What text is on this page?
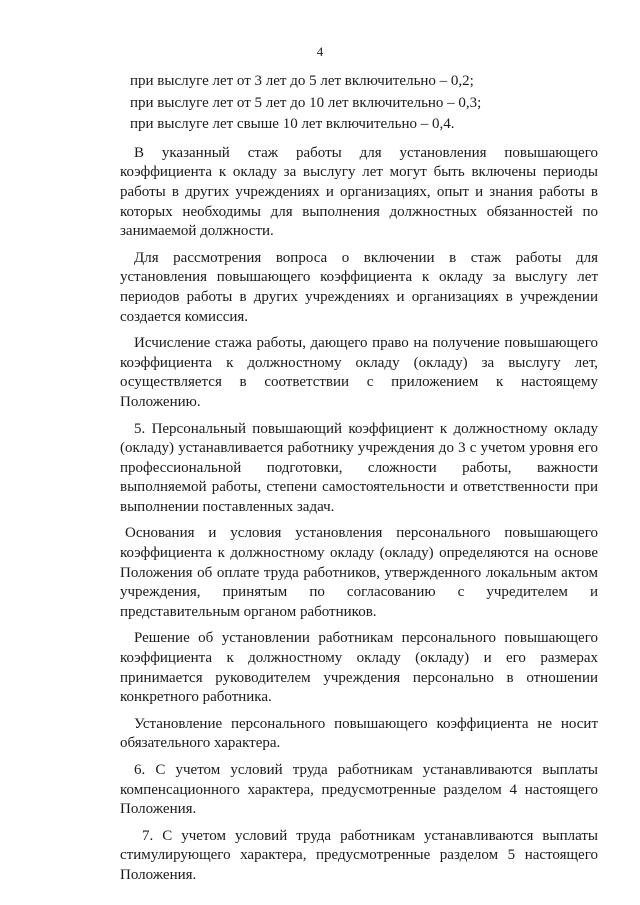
4

при выслуге лет от 3 лет до 5 лет включительно – 0,2;

при выслуге лет от 5 лет до 10 лет включительно – 0,3;

при выслуге лет свыше 10 лет включительно – 0,4.

В указанный стаж работы для установления повышающего коэффициента к окладу за выслугу лет могут быть включены периоды работы в других учреждениях и организациях, опыт и знания работы в которых необходимы для выполнения должностных обязанностей по занимаемой должности.

Для рассмотрения вопроса о включении в стаж работы для установления повышающего коэффициента к окладу за выслугу лет периодов работы в других учреждениях и организациях в учреждении создается комиссия.

Исчисление стажа работы, дающего право на получение повышающего коэффициента к должностному окладу (окладу) за выслугу лет, осуществляется в соответствии с приложением к настоящему Положению.

5. Персональный повышающий коэффициент к должностному окладу (окладу) устанавливается работнику учреждения до 3 с учетом уровня его профессиональной подготовки, сложности работы, важности выполняемой работы, степени самостоятельности и ответственности при выполнении поставленных задач.

Основания и условия установления персонального повышающего коэффициента к должностному окладу (окладу) определяются на основе Положения об оплате труда работников, утвержденного локальным актом учреждения, принятым по согласованию с учредителем и представительным органом работников.

Решение об установлении работникам персонального повышающего коэффициента к должностному окладу (окладу) и его размерах принимается руководителем учреждения персонально в отношении конкретного работника.

Установление персонального повышающего коэффициента не носит обязательного характера.

6. С учетом условий труда работникам устанавливаются выплаты компенсационного характера, предусмотренные разделом 4 настоящего Положения.

7. С учетом условий труда работникам устанавливаются выплаты стимулирующего характера, предусмотренные разделом 5 настоящего Положения.
